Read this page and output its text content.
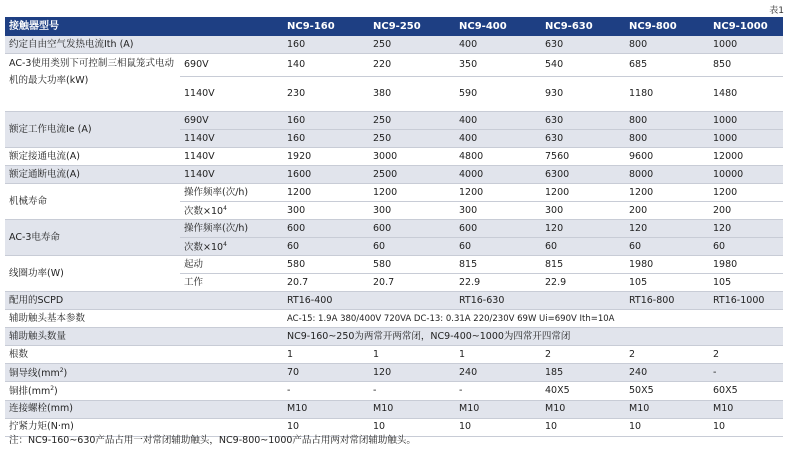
表1
接触器型号		NC9-160	NC9-250	NC9-400	NC9-630	NC9-800	NC9-1000
约定自由空气发热电流Ith (A)		160	250	400	630	800	1000
AC-3使用类别下可控制三相鼠笼式电动机的最大功率(kW)	690V	140	220	350	540	685	850
	1140V	230	380	590	930	1180	1480
额定工作电流Ie (A)	690V	160	250	400	630	800	1000
	1140V	160	250	400	630	800	1000
额定接通电流(A)	1140V	1920	3000	4800	7560	9600	12000
额定通断电流(A)	1140V	1600	2500	4000	6300	8000	10000
机械寿命	操作频率(次/h)	1200	1200	1200	1200	1200	1200
	次数$\times 10^4$	300	300	300	300	200	200
AC-3电寿命	操作频率(次/h)	600	600	600	120	120	120
	次数$\times 10^4$	60	60	60	60	60	60
线圈功率(W)	起动	580	580	815	815	1980	1980
	工作	20.7	20.7	22.9	22.9	105	105
配用的SCPD		RT16-400		RT16-630		RT16-800	RT16-1000
辅助触头基本参数		AC-15: 1.9A 380/400V 720VA DC-13: 0.31A 220/230V 69W Ui=690V Ith=10A					
辅助触头数量		NC9-160~250为两常开两常闭，NC9-400~1000为四常开四常闭					
根数		1	1	1	2	2	2
铜导线$(mm^2)$		70	120	240	185	240	-
铜排$(mm^2)$		-	-	-	40X5	50X5	60X5
连接螺栓(mm)		M10	M10	M10	M10	M10	M10
拧紧力矩(N·m)		10	10	10	10	10	10
注：NC9-160~630产品占用一对常闭辅助触头，NC9-800~1000产品占用两对常闭辅助触头。
